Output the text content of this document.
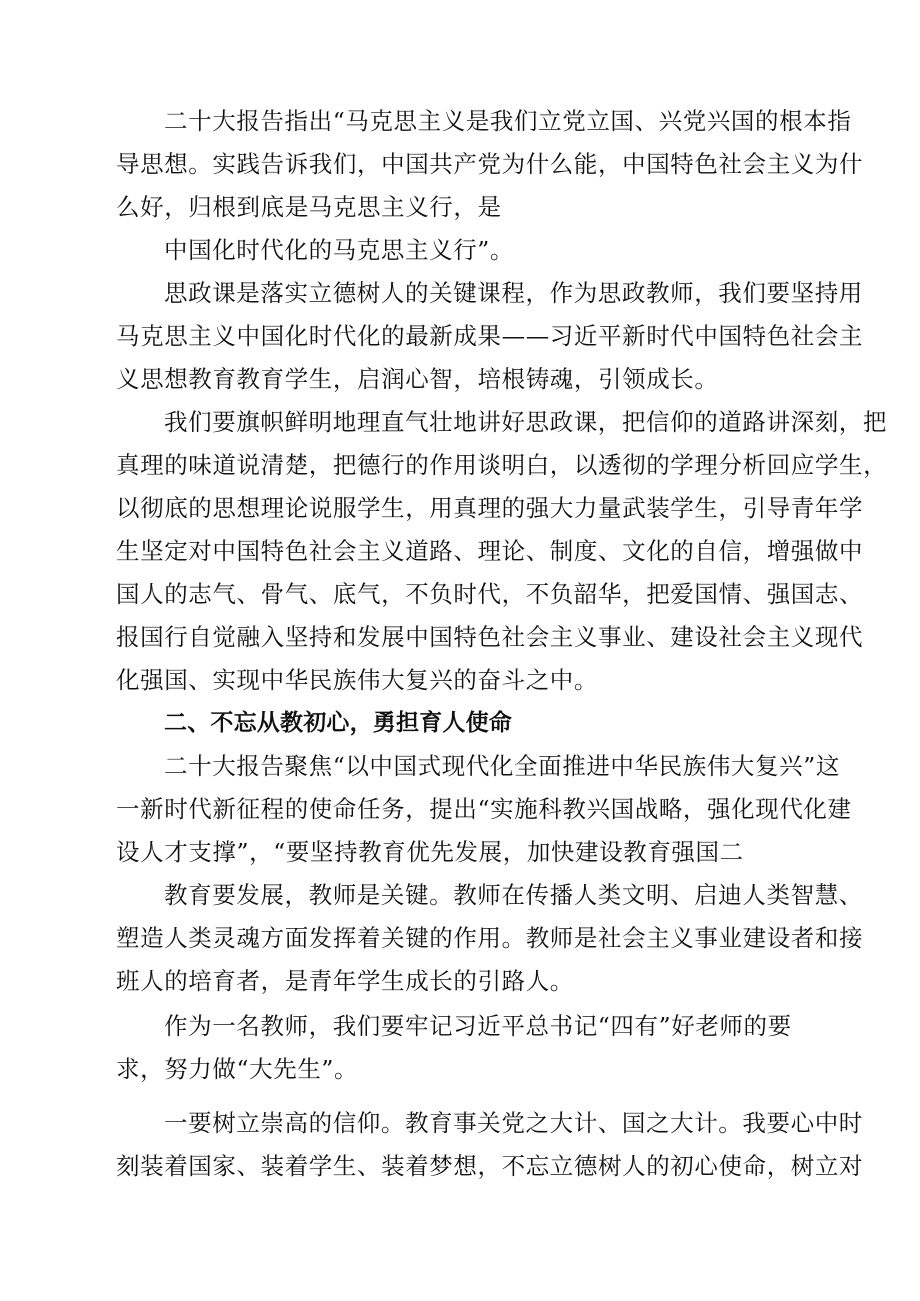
二十大报告指出“马克思主义是我们立党立国、兴党兴国的根本指
导思想。实践告诉我们，中国共产党为什么能，中国特色社会主义为什
么好，归根到底是马克思主义行，是
中国化时代化的马克思主义行”。
思政课是落实立德树人的关键课程，作为思政教师，我们要坚持用
马克思主义中国化时代化的最新成果——习近平新时代中国特色社会主
义思想教育教育学生，启润心智，培根铸魂，引领成长。
我们要旗帜鲜明地理直气壮地讲好思政课，把信仰的道路讲深刻，把
真理的味道说清楚，把德行的作用谈明白，以透彻的学理分析回应学生，
以彻底的思想理论说服学生，用真理的强大力量武装学生，引导青年学
生坚定对中国特色社会主义道路、理论、制度、文化的自信，增强做中
国人的志气、骨气、底气，不负时代，不负韶华，把爱国情、强国志、
报国行自觉融入坚持和发展中国特色社会主义事业、建设社会主义现代
化强国、实现中华民族伟大复兴的奋斗之中。
二、不忘从教初心，勇担育人使命
二十大报告聚焦“以中国式现代化全面推进中华民族伟大复兴”这
一新时代新征程的使命任务，提出“实施科教兴国战略，强化现代化建
设人才支撑”，“要坚持教育优先发展，加快建设教育强国二
教育要发展，教师是关键。教师在传播人类文明、启迪人类智慧、
塑造人类灵魂方面发挥着关键的作用。教师是社会主义事业建设者和接
班人的培育者，是青年学生成长的引路人。
作为一名教师，我们要牢记习近平总书记“四有”好老师的要
求，努力做“大先生”。
一要树立崇高的信仰。教育事关党之大计、国之大计。我要心中时
刻装着国家、装着学生、装着梦想，不忘立德树人的初心使命，树立对
